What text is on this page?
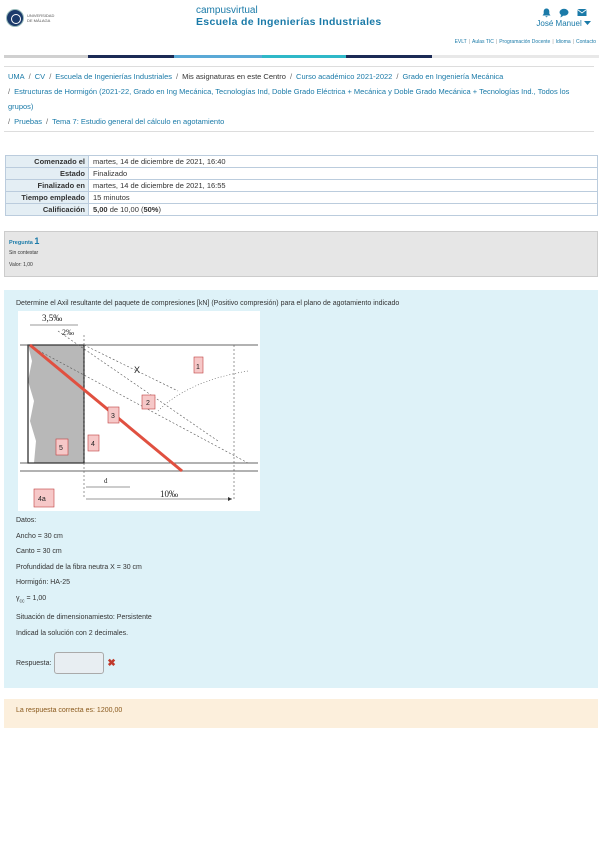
UNIVERSIDAD
DE MÁLAGA
campusvirtual
Escuela de Ingenierías Industriales	José Manuel
EVLT | Aulas TIC | Programación Docente | Idioma | Contacto
UMA / CV / Escuela de Ingenierías Industriales / Mis asignaturas en este Centro / Curso académico 2021-2022 / Grado en Ingeniería Mecánica
/ Estructuras de Hormigón (2021-22, Grado en Ing Mecánica, Tecnologías Ind, Doble Grado Eléctrica + Mecánica y Doble Grado Mecánica + Tecnologías Ind., Todos los grupos)
/ Pruebas / Tema 7: Estudio general del cálculo en agotamiento
Comenzado el	martes, 14 de diciembre de 2021, 16:40
Estado	Finalizado
Finalizado en	martes, 14 de diciembre de 2021, 16:55
Tiempo empleado	15 minutos
Calificación	5,00 de 10,00 (50%)
Pregunta 1
Sin contestar
Valor: 1,00
Determine el Axil resultante del paquete de compresiones [kN] (Positivo compresión) para el plano de agotamiento indicado
3,5‰
2‰
X	1
2
3
4
5
4a
d
10‰
Datos:
Ancho = 30 cm
Canto = 30 cm
Profundidad de la fibra neutra X = 30 cm
Hormigón: HA-25
$\gamma_{cc} = 1,00$
Situación de dimensionamiesto: Persistente
Indicad la solución con 2 decimales.
Respuesta:	✖
La respuesta correcta es: 1200,00
